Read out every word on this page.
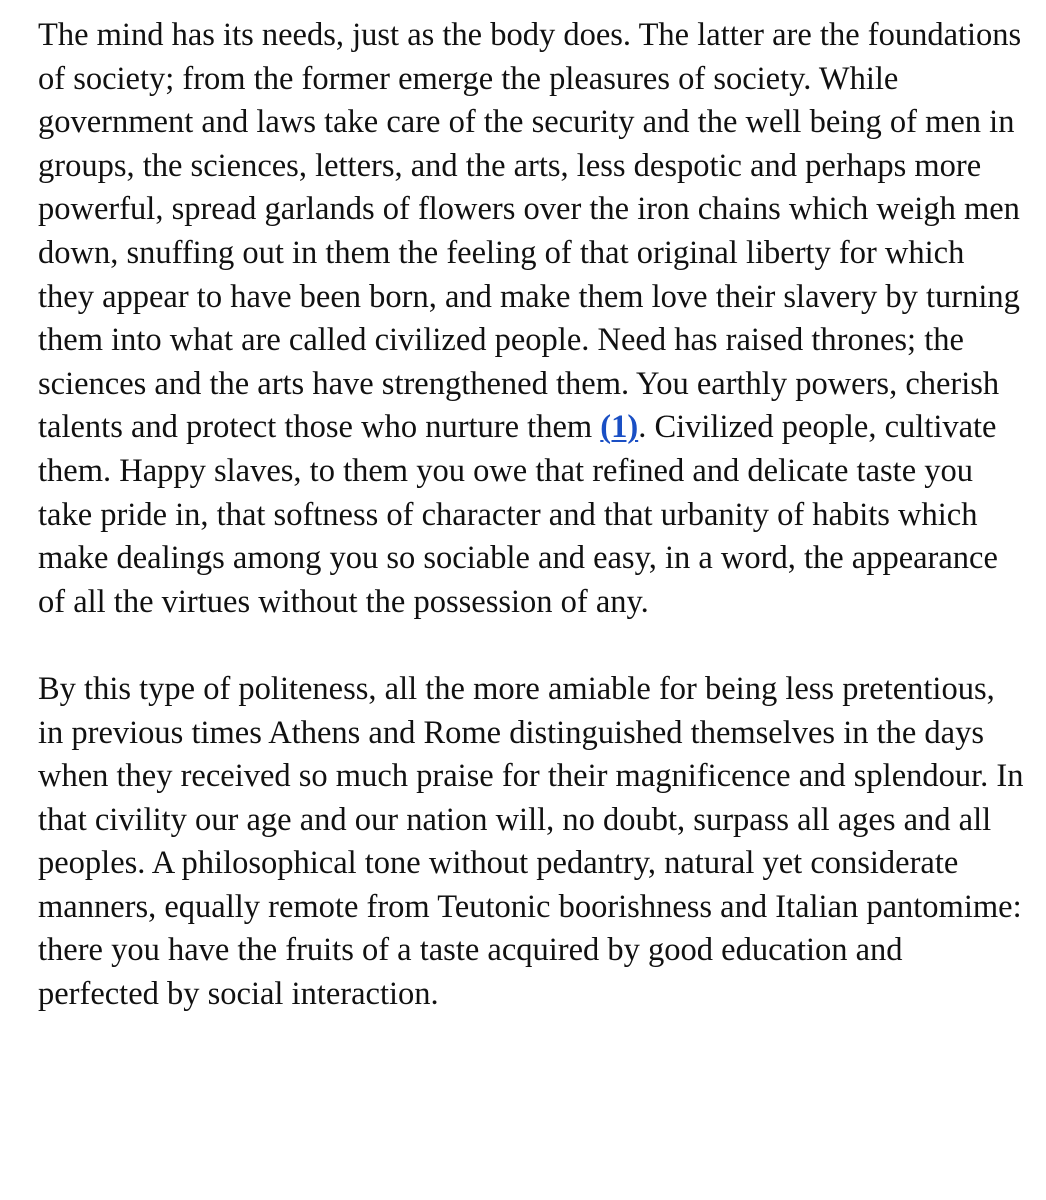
The mind has its needs, just as the body does. The latter are the foundations of society; from the former emerge the pleasures of society. While government and laws take care of the security and the well being of men in groups, the sciences, letters, and the arts, less despotic and perhaps more powerful, spread garlands of flowers over the iron chains which weigh men down, snuffing out in them the feeling of that original liberty for which they appear to have been born, and make them love their slavery by turning them into what are called civilized people. Need has raised thrones; the sciences and the arts have strengthened them. You earthly powers, cherish talents and protect those who nurture them (1). Civilized people, cultivate them. Happy slaves, to them you owe that refined and delicate taste you take pride in, that softness of character and that urbanity of habits which make dealings among you so sociable and easy, in a word, the appearance of all the virtues without the possession of any.

By this type of politeness, all the more amiable for being less pretentious, in previous times Athens and Rome distinguished themselves in the days when they received so much praise for their magnificence and splendour. In that civility our age and our nation will, no doubt, surpass all ages and all peoples. A philosophical tone without pedantry, natural yet considerate manners, equally remote from Teutonic boorishness and Italian pantomime: there you have the fruits of a taste acquired by good education and perfected by social interaction.
